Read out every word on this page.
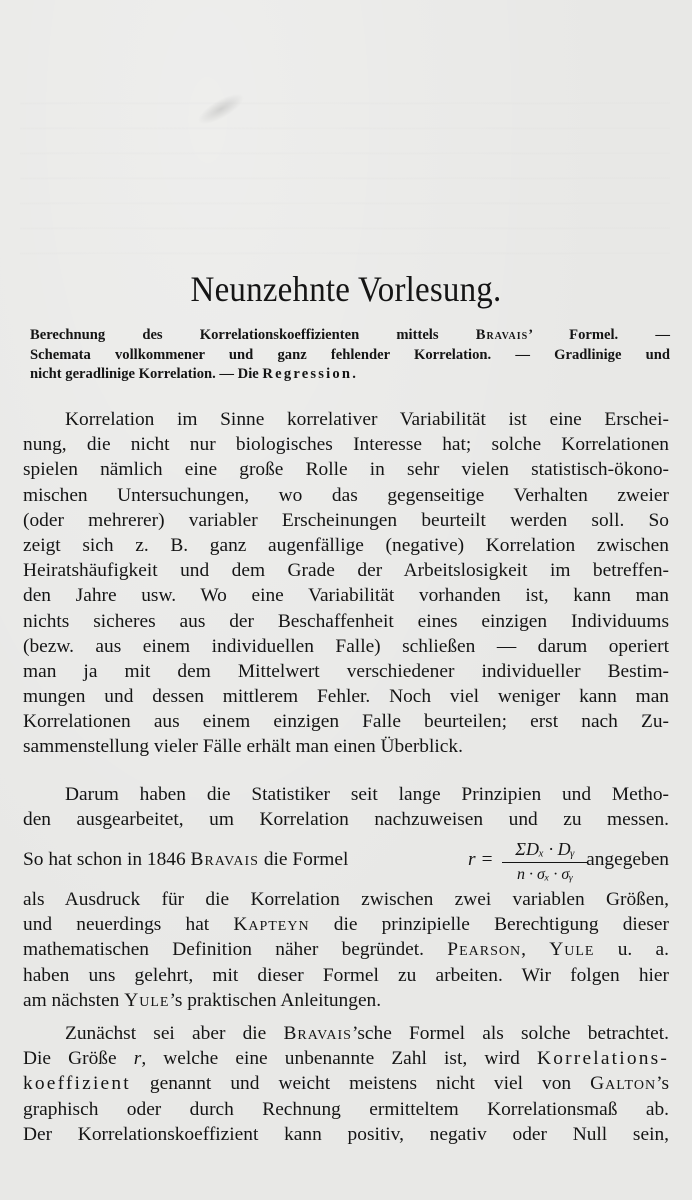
Neunzehnte Vorlesung.
Berechnung des Korrelationskoeffizienten mittels Bravais’ Formel. —
Schemata vollkommener und ganz fehlender Korrelation. — Gradlinige und
nicht geradlinige Korrelation. — Die Regression.
Korrelation im Sinne korrelativer Variabilität ist eine Erschei-
nung, die nicht nur biologisches Interesse hat; solche Korrelationen
spielen nämlich eine große Rolle in sehr vielen statistisch-ökono-
mischen Untersuchungen, wo das gegenseitige Verhalten zweier
(oder mehrerer) variabler Erscheinungen beurteilt werden soll. So
zeigt sich z. B. ganz augenfällige (negative) Korrelation zwischen
Heiratshäufigkeit und dem Grade der Arbeitslosigkeit im betreffen-
den Jahre usw. Wo eine Variabilität vorhanden ist, kann man
nichts sicheres aus der Beschaffenheit eines einzigen Individuums
(bezw. aus einem individuellen Falle) schließen — darum operiert
man ja mit dem Mittelwert verschiedener individueller Bestim-
mungen und dessen mittlerem Fehler. Noch viel weniger kann man
Korrelationen aus einem einzigen Falle beurteilen; erst nach Zu-
sammenstellung vieler Fälle erhält man einen Überblick.
Darum haben die Statistiker seit lange Prinzipien und Metho-
den ausgearbeitet, um Korrelation nachzuweisen und zu messen.
So hat schon in 1846 Bravais die Formel	r =	ΣDₓ · Dᵧ
n · σₓ · σᵧ
angegeben
als Ausdruck für die Korrelation zwischen zwei variablen Größen,
und neuerdings hat Kapteyn die prinzipielle Berechtigung dieser
mathematischen Definition näher begründet. Pearson, Yule u. a.
haben uns gelehrt, mit dieser Formel zu arbeiten. Wir folgen hier
am nächsten Yule’s praktischen Anleitungen.
Zunächst sei aber die Bravais’sche Formel als solche betrachtet.
Die Größe r, welche eine unbenannte Zahl ist, wird Korrelations-
koeffizient genannt und weicht meistens nicht viel von Galton’s
graphisch oder durch Rechnung ermitteltem Korrelationsmaß ab.
Der Korrelationskoeffizient kann positiv, negativ oder Null sein,
